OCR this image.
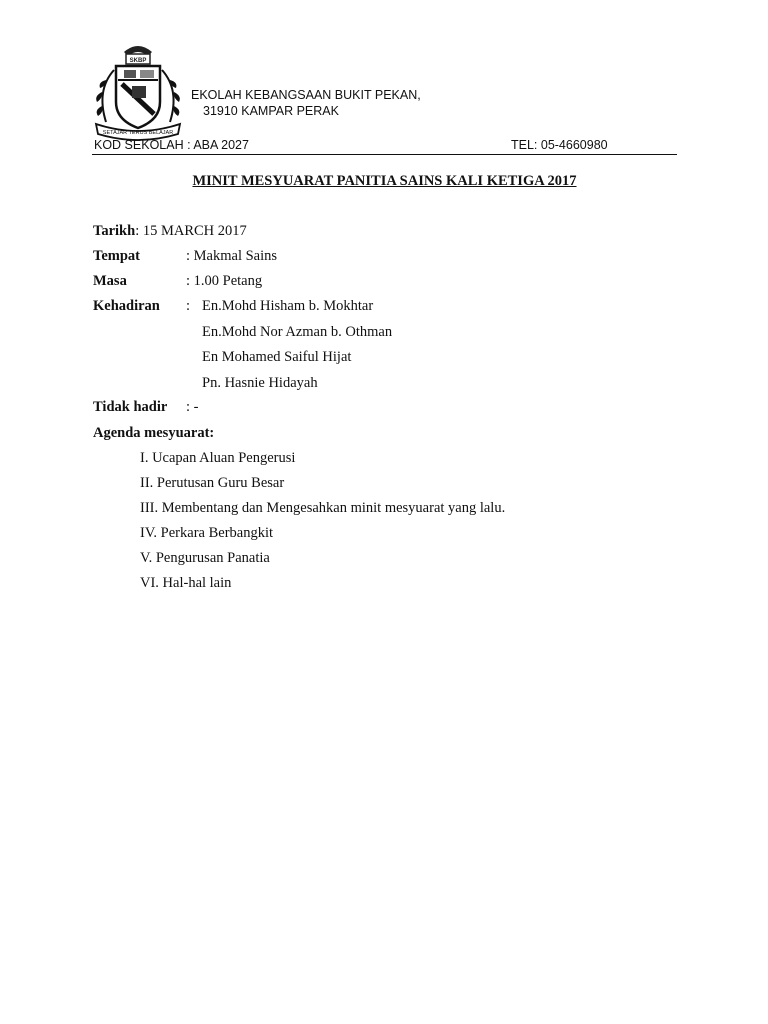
SKBP
SETAJAR TERUS BELAJAR
EKOLAH KEBANGSAAN BUKIT PEKAN,
31910 KAMPAR PERAK
KOD SEKOLAH : ABA 2027	TEL: 05-4660980
MINIT MESYUARAT PANITIA SAINS KALI KETIGA 2017
Tarikh: 15 MARCH 2017
Tempat	: Makmal Sains
Masa	: 1.00 Petang
Kehadiran : En.Mohd Hisham b. Mokhtar
En.Mohd Nor Azman b. Othman
En Mohamed Saiful Hijat
Pn. Hasnie Hidayah
Tidak hadir : -
Agenda mesyuarat:
I. Ucapan Aluan Pengerusi
II. Perutusan Guru Besar
III. Membentang dan Mengesahkan minit mesyuarat yang lalu.
IV. Perkara Berbangkit
V. Pengurusan Panatia
VI. Hal-hal lain
